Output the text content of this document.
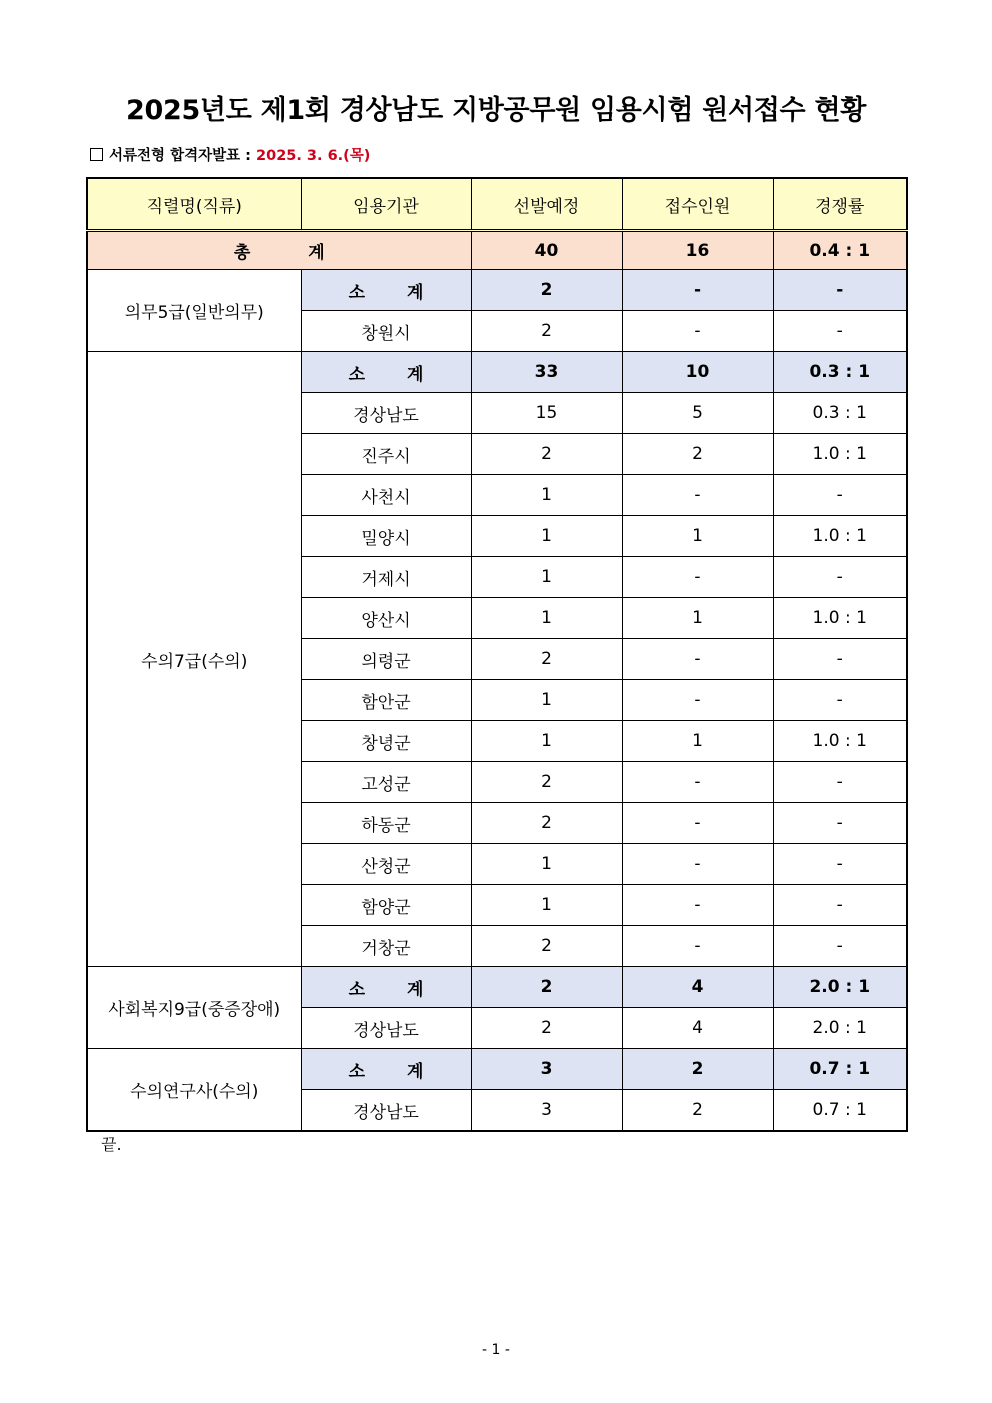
2025년도 제1회 경상남도 지방공무원 임용시험 원서접수 현황
서류전형 합격자발표 : 2025. 3. 6.(목)
직렬명(직류)	임용기관	선발예정	접수인원	경쟁률
총 계		40	16	0.4 : 1
의무5급(일반의무)	소 계	2	-	-
	창원시	2	-	-
수의7급(수의)	소 계	33	10	0.3 : 1
	경상남도	15	5	0.3 : 1
	진주시	2	2	1.0 : 1
	사천시	1	-	-
	밀양시	1	1	1.0 : 1
	거제시	1	-	-
	양산시	1	1	1.0 : 1
	의령군	2	-	-
	함안군	1	-	-
	창녕군	1	1	1.0 : 1
	고성군	2	-	-
	하동군	2	-	-
	산청군	1	-	-
	함양군	1	-	-
	거창군	2	-	-
사회복지9급(중증장애)	소 계	2	4	2.0 : 1
	경상남도	2	4	2.0 : 1
수의연구사(수의)	소 계	3	2	0.7 : 1
	경상남도	3	2	0.7 : 1
끝.
- 1 -
